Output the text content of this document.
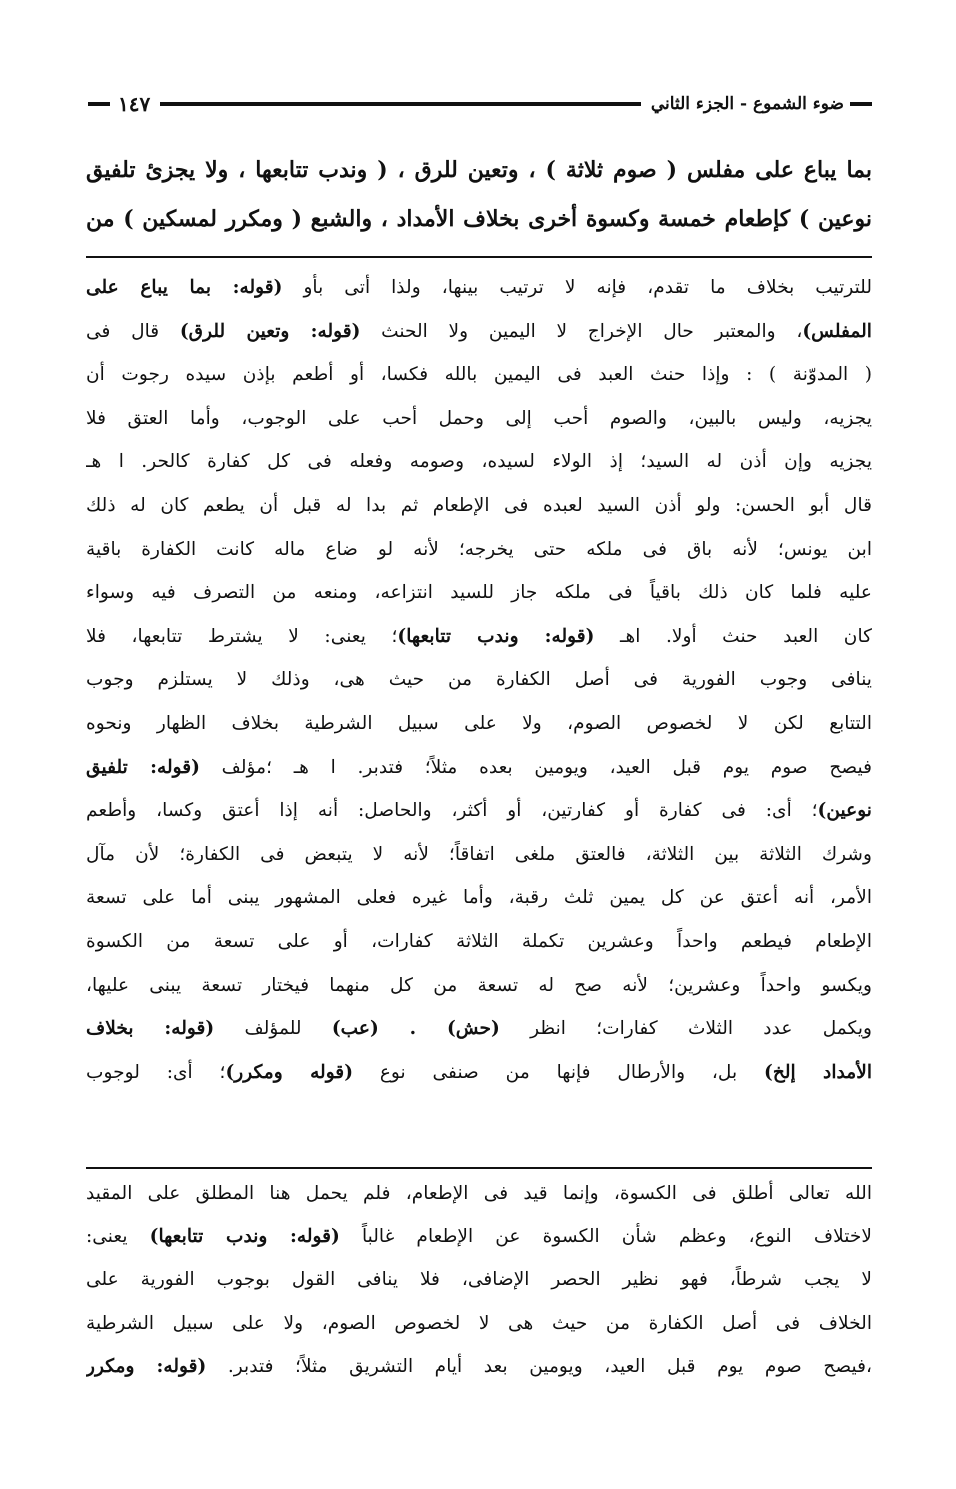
ضوء الشموع - الجزء الثاني
١٤٧

بما يباع على مفلس ( صوم ثلاثة ) ، وتعين للرق ، ( وندب تتابعها ، ولا يجزئ تلفيق

نوعين ) كإطعام خمسة وكسوة أخرى بخلاف الأمداد ، والشبع ( ومكرر لمسكين ) من

للترتيب بخلاف ما تقدم، فإنه لا ترتيب بينها، ولذا أتى بأو (قوله: بما يباع على

المفلس)، والمعتبر حال الإخراج لا اليمين ولا الحنث (قوله: وتعين للرق) قال فى

( المدوّنة ) : وإذا حنث العبد فى اليمين بالله فكسا، أو أطعم بإذن سيده رجوت أن

يجزيه، وليس بالبين، والصوم أحب إلى وحمل أحب على الوجوب، وأما العتق فلا

يجزيه وإن أذن له السيد؛ إذ الولاء لسيده، وصومه وفعله فى كل كفارة كالحر. ا هـ

قال أبو الحسن: ولو أذن السيد لعبده فى الإطعام ثم بدا له قبل أن يطعم كان له ذلك

ابن يونس؛ لأنه باق فى ملكه حتى يخرجه؛ لأنه لو ضاع ماله كانت الكفارة باقية

عليه فلما كان ذلك باقياً فى ملكه جاز للسيد انتزاعه، ومنعه من التصرف فيه وسواء

كان العبد حنث أولا. اهـ (قوله: وندب تتابعها)؛ يعنى: لا يشترط تتابعها، فلا

ينافى وجوب الفورية فى أصل الكفارة من حيث هى، وذلك لا يستلزم وجوب

التتابع لكن لا لخصوص الصوم، ولا على سبيل الشرطية بخلاف الظهار ونحوه

فيصح صوم يوم قبل العيد، ويومين بعده مثلاً؛ فتدبر. ا هـ ؛مؤلف (قوله: تلفيق

نوعين)؛ أى: فى كفارة أو كفارتين، أو أكثر، والحاصل: أنه إذا أعتق وكسا، وأطعم

وشرك الثلاثة بين الثلاثة، فالعتق ملغى اتفاقاً؛ لأنه لا يتبعض فى الكفارة؛ لأن مآل

الأمر، أنه أعتق عن كل يمين ثلث رقبة، وأما غيره فعلى المشهور يبنى أما على تسعة

الإطعام فيطعم واحداً وعشرين تكملة الثلاثة كفارات، أو على تسعة من الكسوة

ويكسو واحداً وعشرين؛ لأنه صح له تسعة من كل منهما فيختار تسعة يبنى عليها،

ويكمل عدد الثلاث كفارات؛ انظر (حش) . (عب) للمؤلف (قوله: بخلاف

الأمداد إلخ) بل، والأرطال فإنها من صنفى نوع (قوله ومكرر)؛ أى: لوجوب

الله تعالى أطلق فى الكسوة، وإنما قيد فى الإطعام، فلم يحمل هنا المطلق على المقيد

لاختلاف النوع، وعظم شأن الكسوة عن الإطعام غالباً (قوله: وندب تتابعها) يعنى:

لا يجب شرطاً، فهو نظير الحصر الإضافى، فلا ينافى القول بوجوب الفورية على

الخلاف فى أصل الكفارة من حيث هى لا لخصوص الصوم، ولا على سبيل الشرطية

،فيصح صوم يوم قبل العيد، ويومين بعد أيام التشريق مثلاً؛ فتدبر. (قوله: ومكرر
